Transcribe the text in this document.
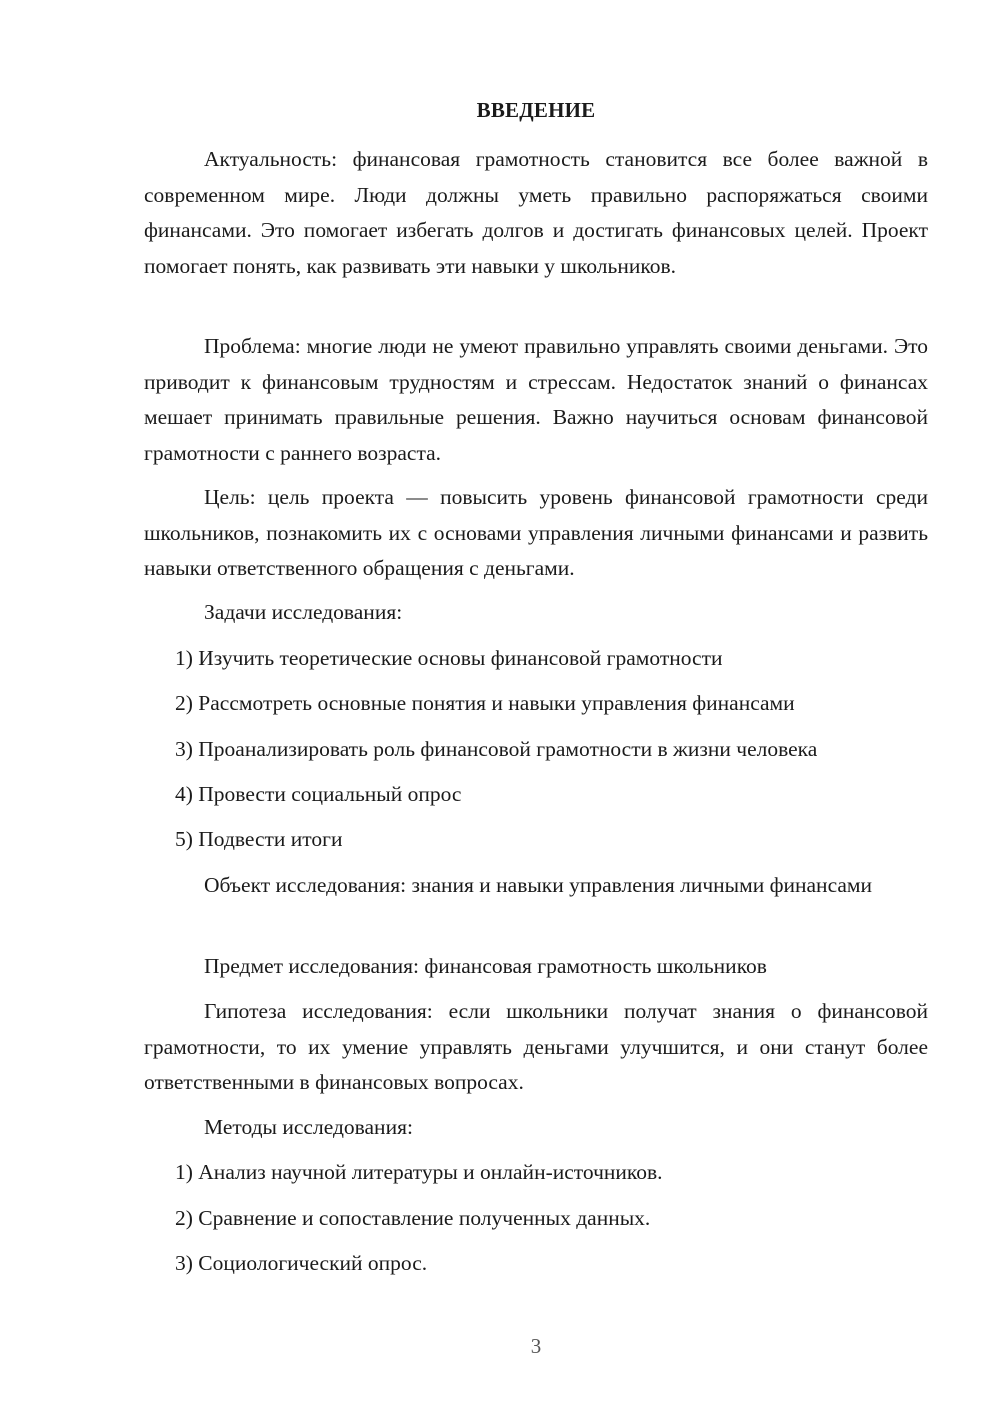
ВВЕДЕНИЕ

Актуальность: финансовая грамотность становится все более важной в современном мире. Люди должны уметь правильно распоряжаться своими финансами. Это помогает избегать долгов и достигать финансовых целей. Проект помогает понять, как развивать эти навыки у школьников.

Проблема: многие люди не умеют правильно управлять своими деньгами. Это приводит к финансовым трудностям и стрессам. Недостаток знаний о финансах мешает принимать правильные решения. Важно научиться основам финансовой грамотности с раннего возраста.

Цель: цель проекта — повысить уровень финансовой грамотности среди школьников, познакомить их с основами управления личными финансами и развить навыки ответственного обращения с деньгами.

Задачи исследования:

1) Изучить теоретические основы финансовой грамотности

2) Рассмотреть основные понятия и навыки управления финансами

3) Проанализировать роль финансовой грамотности в жизни человека

4) Провести социальный опрос

5) Подвести итоги

Объект исследования: знания и навыки управления личными финансами

Предмет исследования: финансовая грамотность школьников

Гипотеза исследования: если школьники получат знания о финансовой грамотности, то их умение управлять деньгами улучшится, и они станут более ответственными в финансовых вопросах.

Методы исследования:

1) Анализ научной литературы и онлайн-источников.

2) Сравнение и сопоставление полученных данных.

3) Социологический опрос.

3
